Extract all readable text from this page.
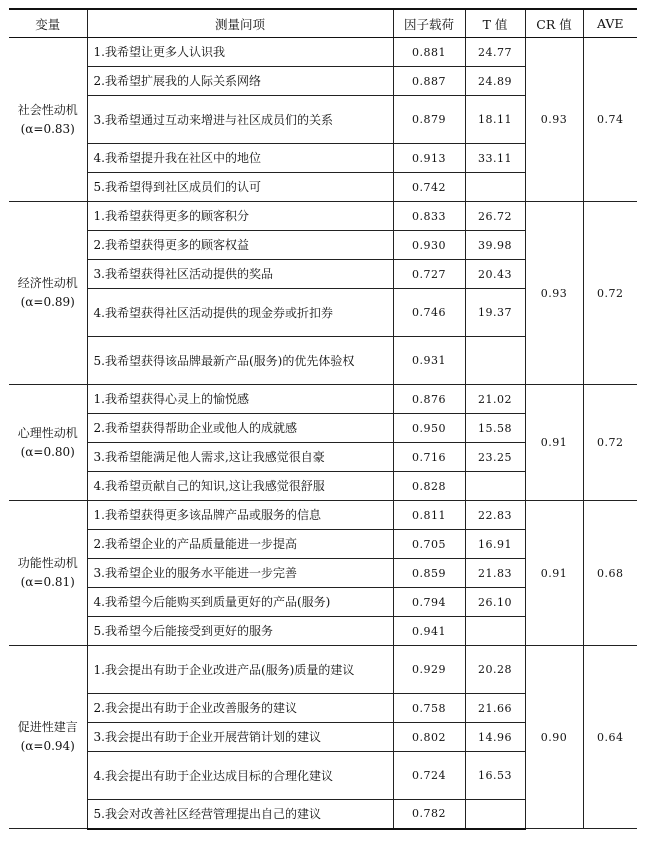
变量	测量问项	因子载荷	T 值	CR 值	AVE

社会性动机
(α=0.83)	1.我希望让更多人认识我	0.881	24.77	0.93	0.74
	2.我希望扩展我的人际关系网络	0.887	24.89		
	3.我希望通过互动来增进与社区成员们的关系	0.879	18.11		
	4.我希望提升我在社区中的地位	0.913	33.11		
	5.我希望得到社区成员们的认可	0.742			

经济性动机
(α=0.89)	1.我希望获得更多的顾客积分	0.833	26.72	0.93	0.72
	2.我希望获得更多的顾客权益	0.930	39.98		
	3.我希望获得社区活动提供的奖品	0.727	20.43		
	4.我希望获得社区活动提供的现金券或折扣券	0.746	19.37		
	5.我希望获得该品牌最新产品(服务)的优先体验权	0.931			

心理性动机
(α=0.80)	1.我希望获得心灵上的愉悦感	0.876	21.02	0.91	0.72
	2.我希望获得帮助企业或他人的成就感	0.950	15.58		
	3.我希望能满足他人需求,这让我感觉很自豪	0.716	23.25		
	4.我希望贡献自己的知识,这让我感觉很舒服	0.828			

功能性动机
(α=0.81)	1.我希望获得更多该品牌产品或服务的信息	0.811	22.83	0.91	0.68
	2.我希望企业的产品质量能进一步提高	0.705	16.91		
	3.我希望企业的服务水平能进一步完善	0.859	21.83		
	4.我希望今后能购买到质量更好的产品(服务)	0.794	26.10		
	5.我希望今后能接受到更好的服务	0.941			

促进性建言
(α=0.94)	1.我会提出有助于企业改进产品(服务)质量的建议	0.929	20.28	0.90	0.64
	2.我会提出有助于企业改善服务的建议	0.758	21.66		
	3.我会提出有助于企业开展营销计划的建议	0.802	14.96		
	4.我会提出有助于企业达成目标的合理化建议	0.724	16.53		
	5.我会对改善社区经营管理提出自己的建议	0.782			
